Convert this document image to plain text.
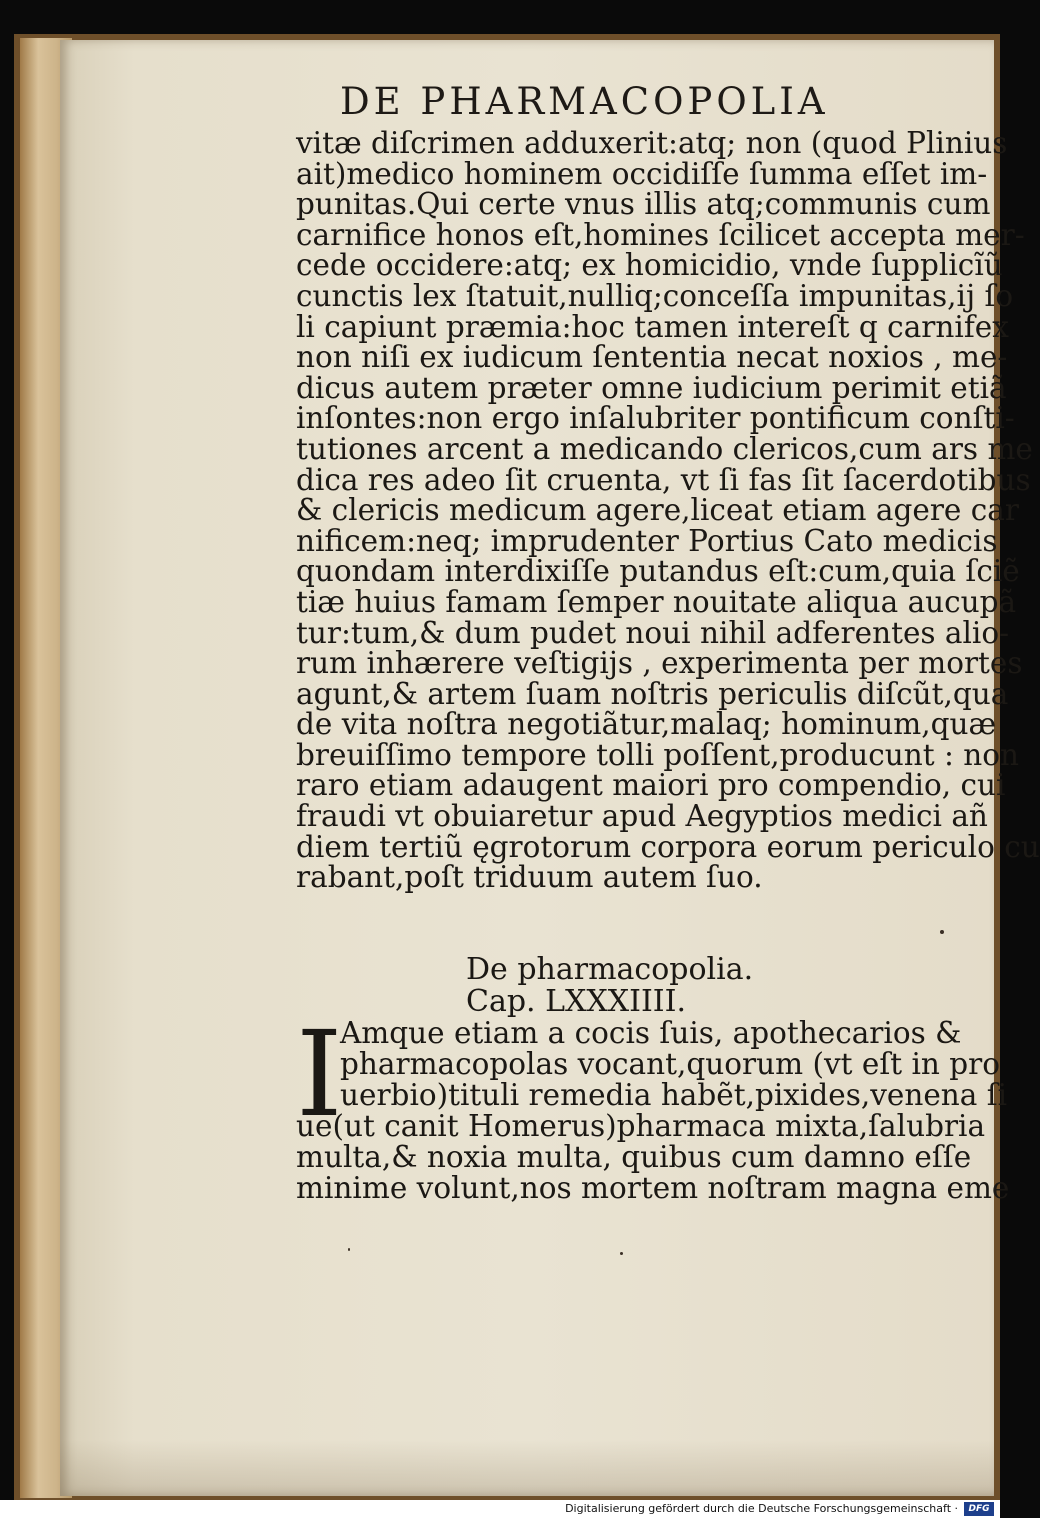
DE PHARMACOPOLIA
vitæ diſcrimen adduxerit:atq; non (quod Plinius
ait)medico hominem occidiſſe ſumma eſſet im-
punitas.Qui certe vnus illis atq;communis cum
carnifice honos eſt,homines ſcilicet accepta mer-
cede occidere:atq; ex homicidio, vnde ſupplicĩũ
cunctis lex ſtatuit,nulliq;conceſſa impunitas,ij ſo
li capiunt præmia:hoc tamen intereſt q carnifex
non niſi ex iudicum ſententia necat noxios , me-
dicus autem præter omne iudicium perimit etiã
inſontes:non ergo inſalubriter pontificum conſti-
tutiones arcent a medicando clericos,cum ars me
dica res adeo ſit cruenta, vt ſi fas ſit ſacerdotibus
& clericis medicum agere,liceat etiam agere car
nificem:neq; imprudenter Portius Cato medicis
quondam interdixiſſe putandus eſt:cum,quia ſciẽ
tiæ huius famam ſemper nouitate aliqua aucupã
tur:tum,& dum pudet noui nihil adferentes alio-
rum inhærere veſtigijs , experimenta per mortes
agunt,& artem ſuam noſtris periculis diſcũt,qua
de vita noſtra negotiãtur,malaq; hominum,quæ
breuiſſimo tempore tolli poſſent,producunt : non
raro etiam adaugent maiori pro compendio, cui
fraudi vt obuiaretur apud Aegyptios medici añ
diem tertiũ ęgrotorum corpora eorum periculo cu
rabant,poſt triduum autem ſuo.
De pharmacopolia.
Cap. LXXXIIII.
I
Amque etiam a cocis ſuis, apothecarios &
pharmacopolas vocant,quorum (vt eſt in pro
uerbio)tituli remedia habẽt,pixides,venena ſi
ue(ut canit Homerus)pharmaca mixta,ſalubria
multa,& noxia multa, quibus cum damno eſſe
minime volunt,nos mortem noſtram magna eme
Digitalisierung gefördert durch die Deutsche Forschungsgemeinschaft ·	DFG
